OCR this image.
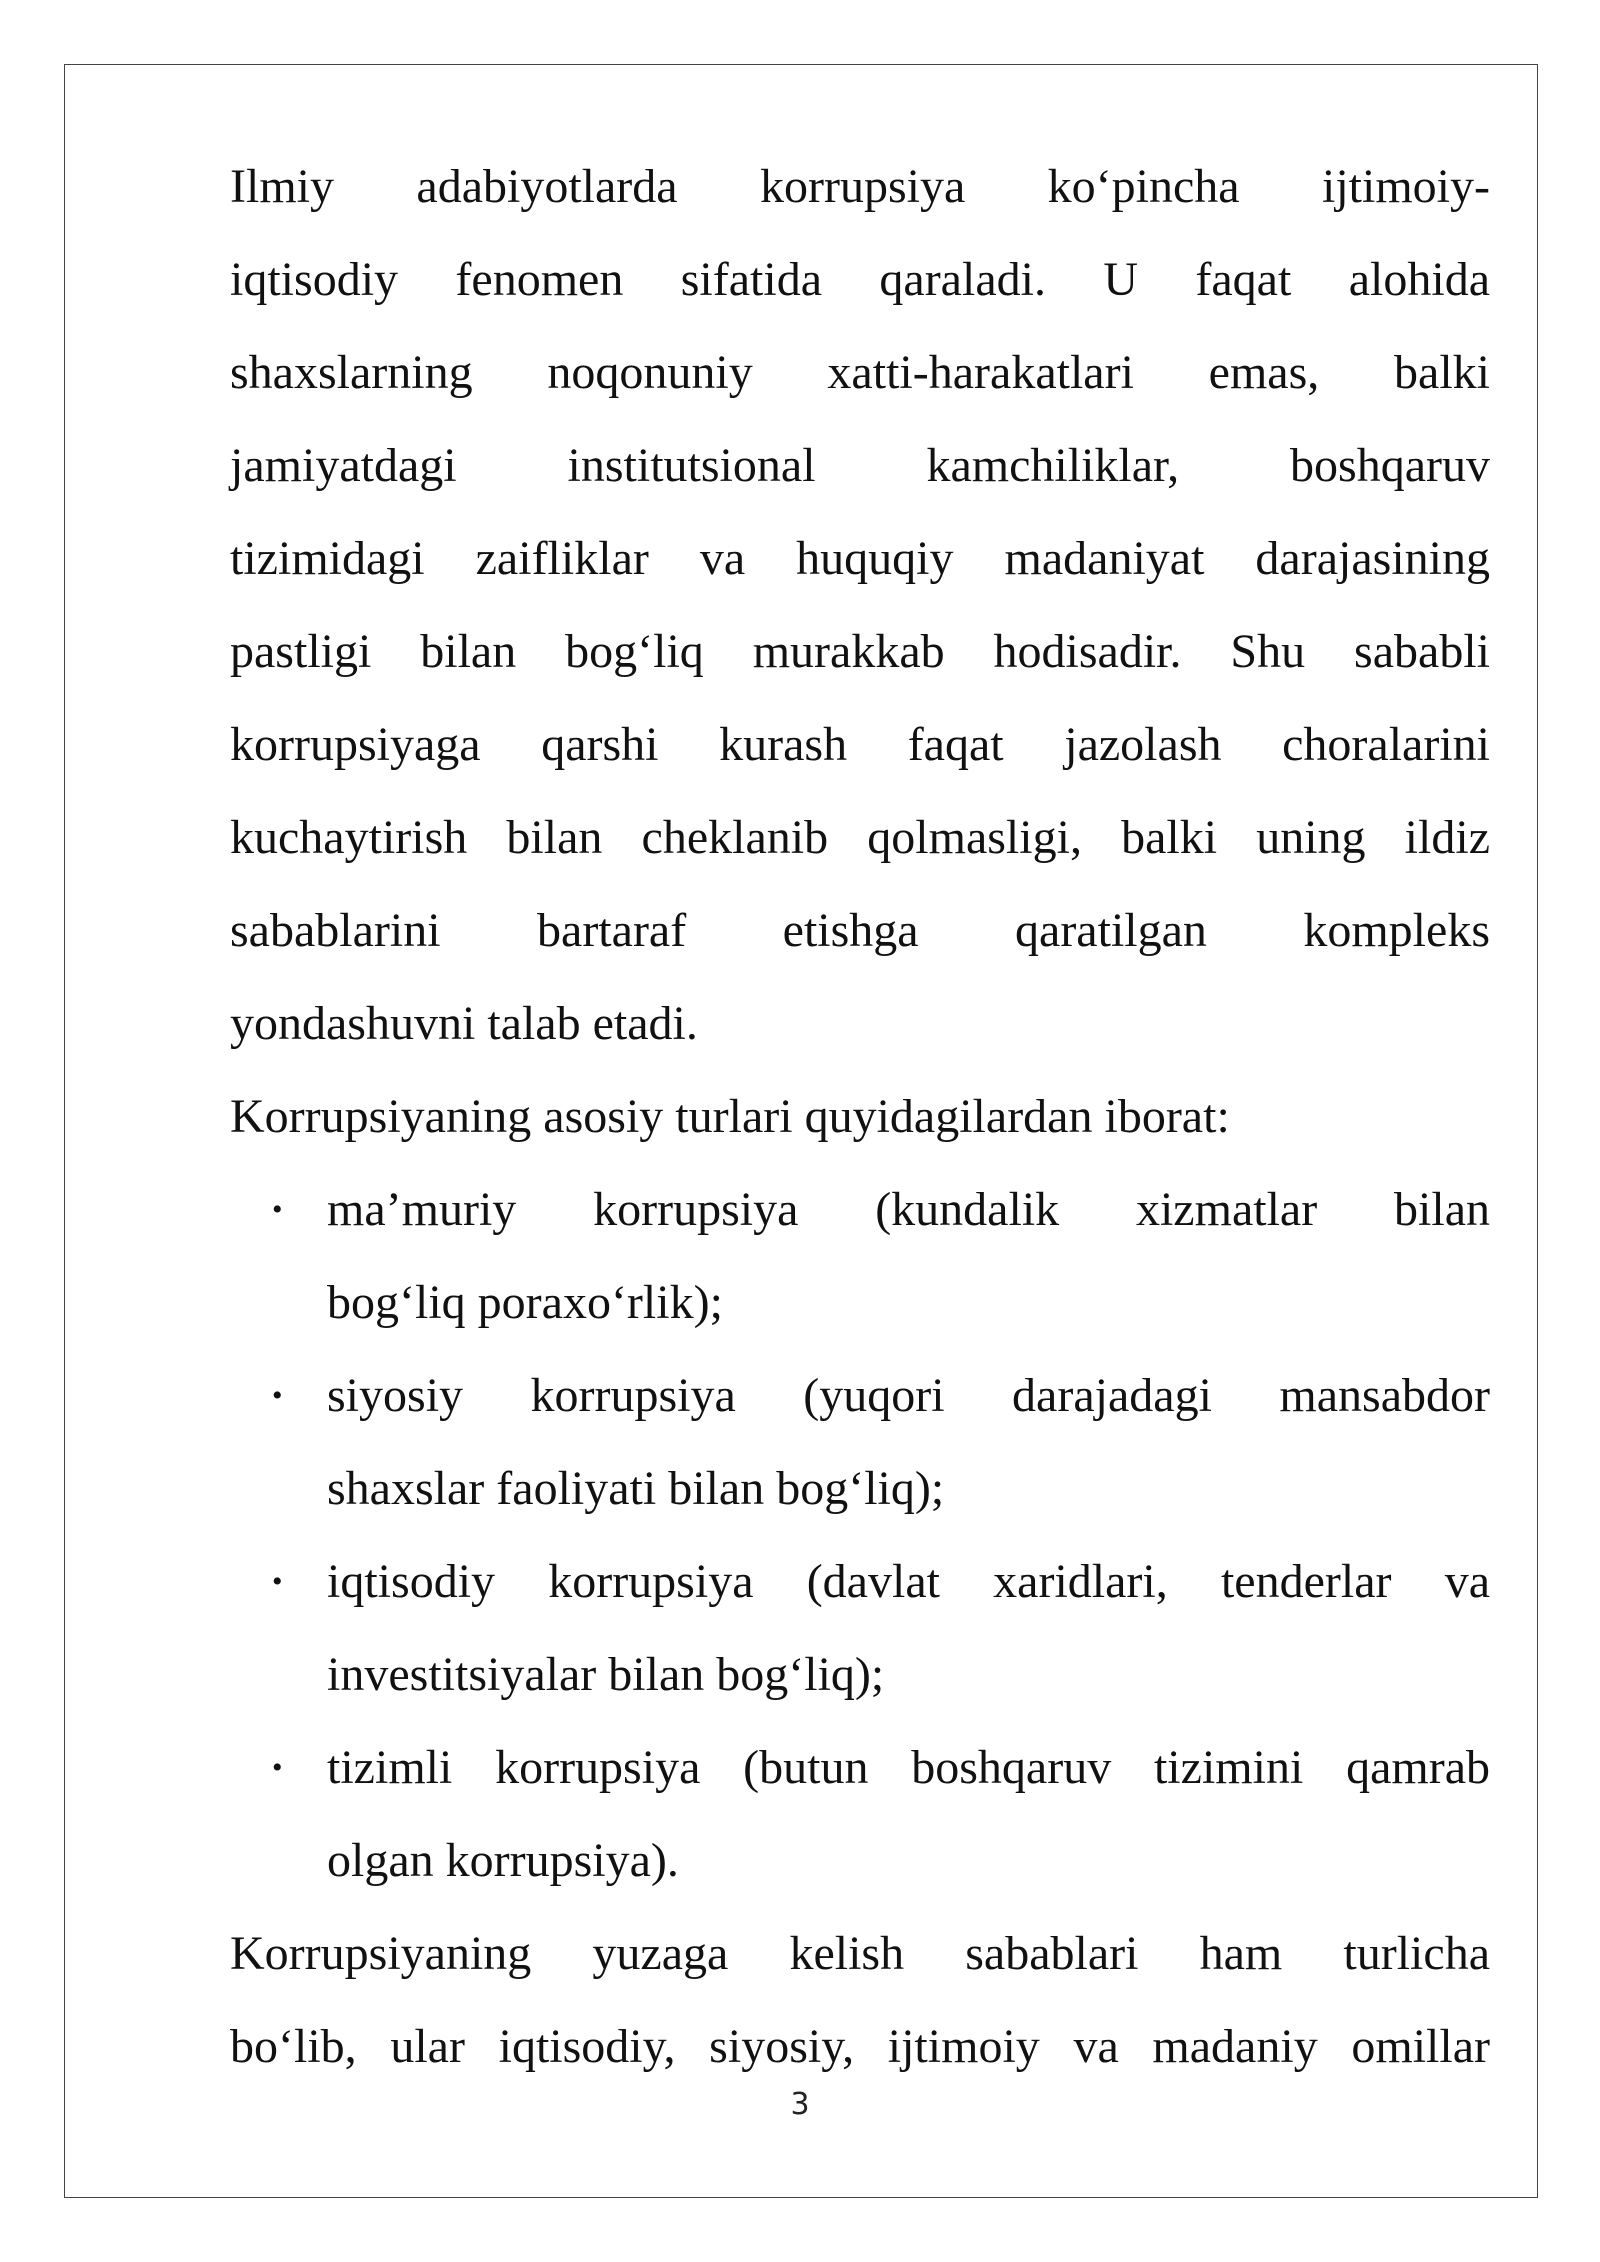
Ilmiy adabiyotlarda korrupsiya ko‘pincha ijtimoiy-
iqtisodiy fenomen sifatida qaraladi. U faqat alohida
shaxslarning noqonuniy xatti-harakatlari emas, balki
jamiyatdagi institutsional kamchiliklar, boshqaruv
tizimidagi zaifliklar va huquqiy madaniyat darajasining
pastligi bilan bog‘liq murakkab hodisadir. Shu sababli
korrupsiyaga qarshi kurash faqat jazolash choralarini
kuchaytirish bilan cheklanib qolmasligi, balki uning ildiz
sabablarini bartaraf etishga qaratilgan kompleks
yondashuvni talab etadi.

Korrupsiyaning asosiy turlari quyidagilardan iborat:

• ma’muriy korrupsiya (kundalik xizmatlar bilan
bog‘liq poraxo‘rlik);
• siyosiy korrupsiya (yuqori darajadagi mansabdor
shaxslar faoliyati bilan bog‘liq);
• iqtisodiy korrupsiya (davlat xaridlari, tenderlar va
investitsiyalar bilan bog‘liq);
• tizimli korrupsiya (butun boshqaruv tizimini qamrab
olgan korrupsiya).
Korrupsiyaning yuzaga kelish sabablari ham turlicha
bo‘lib, ular iqtisodiy, siyosiy, ijtimoiy va madaniy omillar
3
